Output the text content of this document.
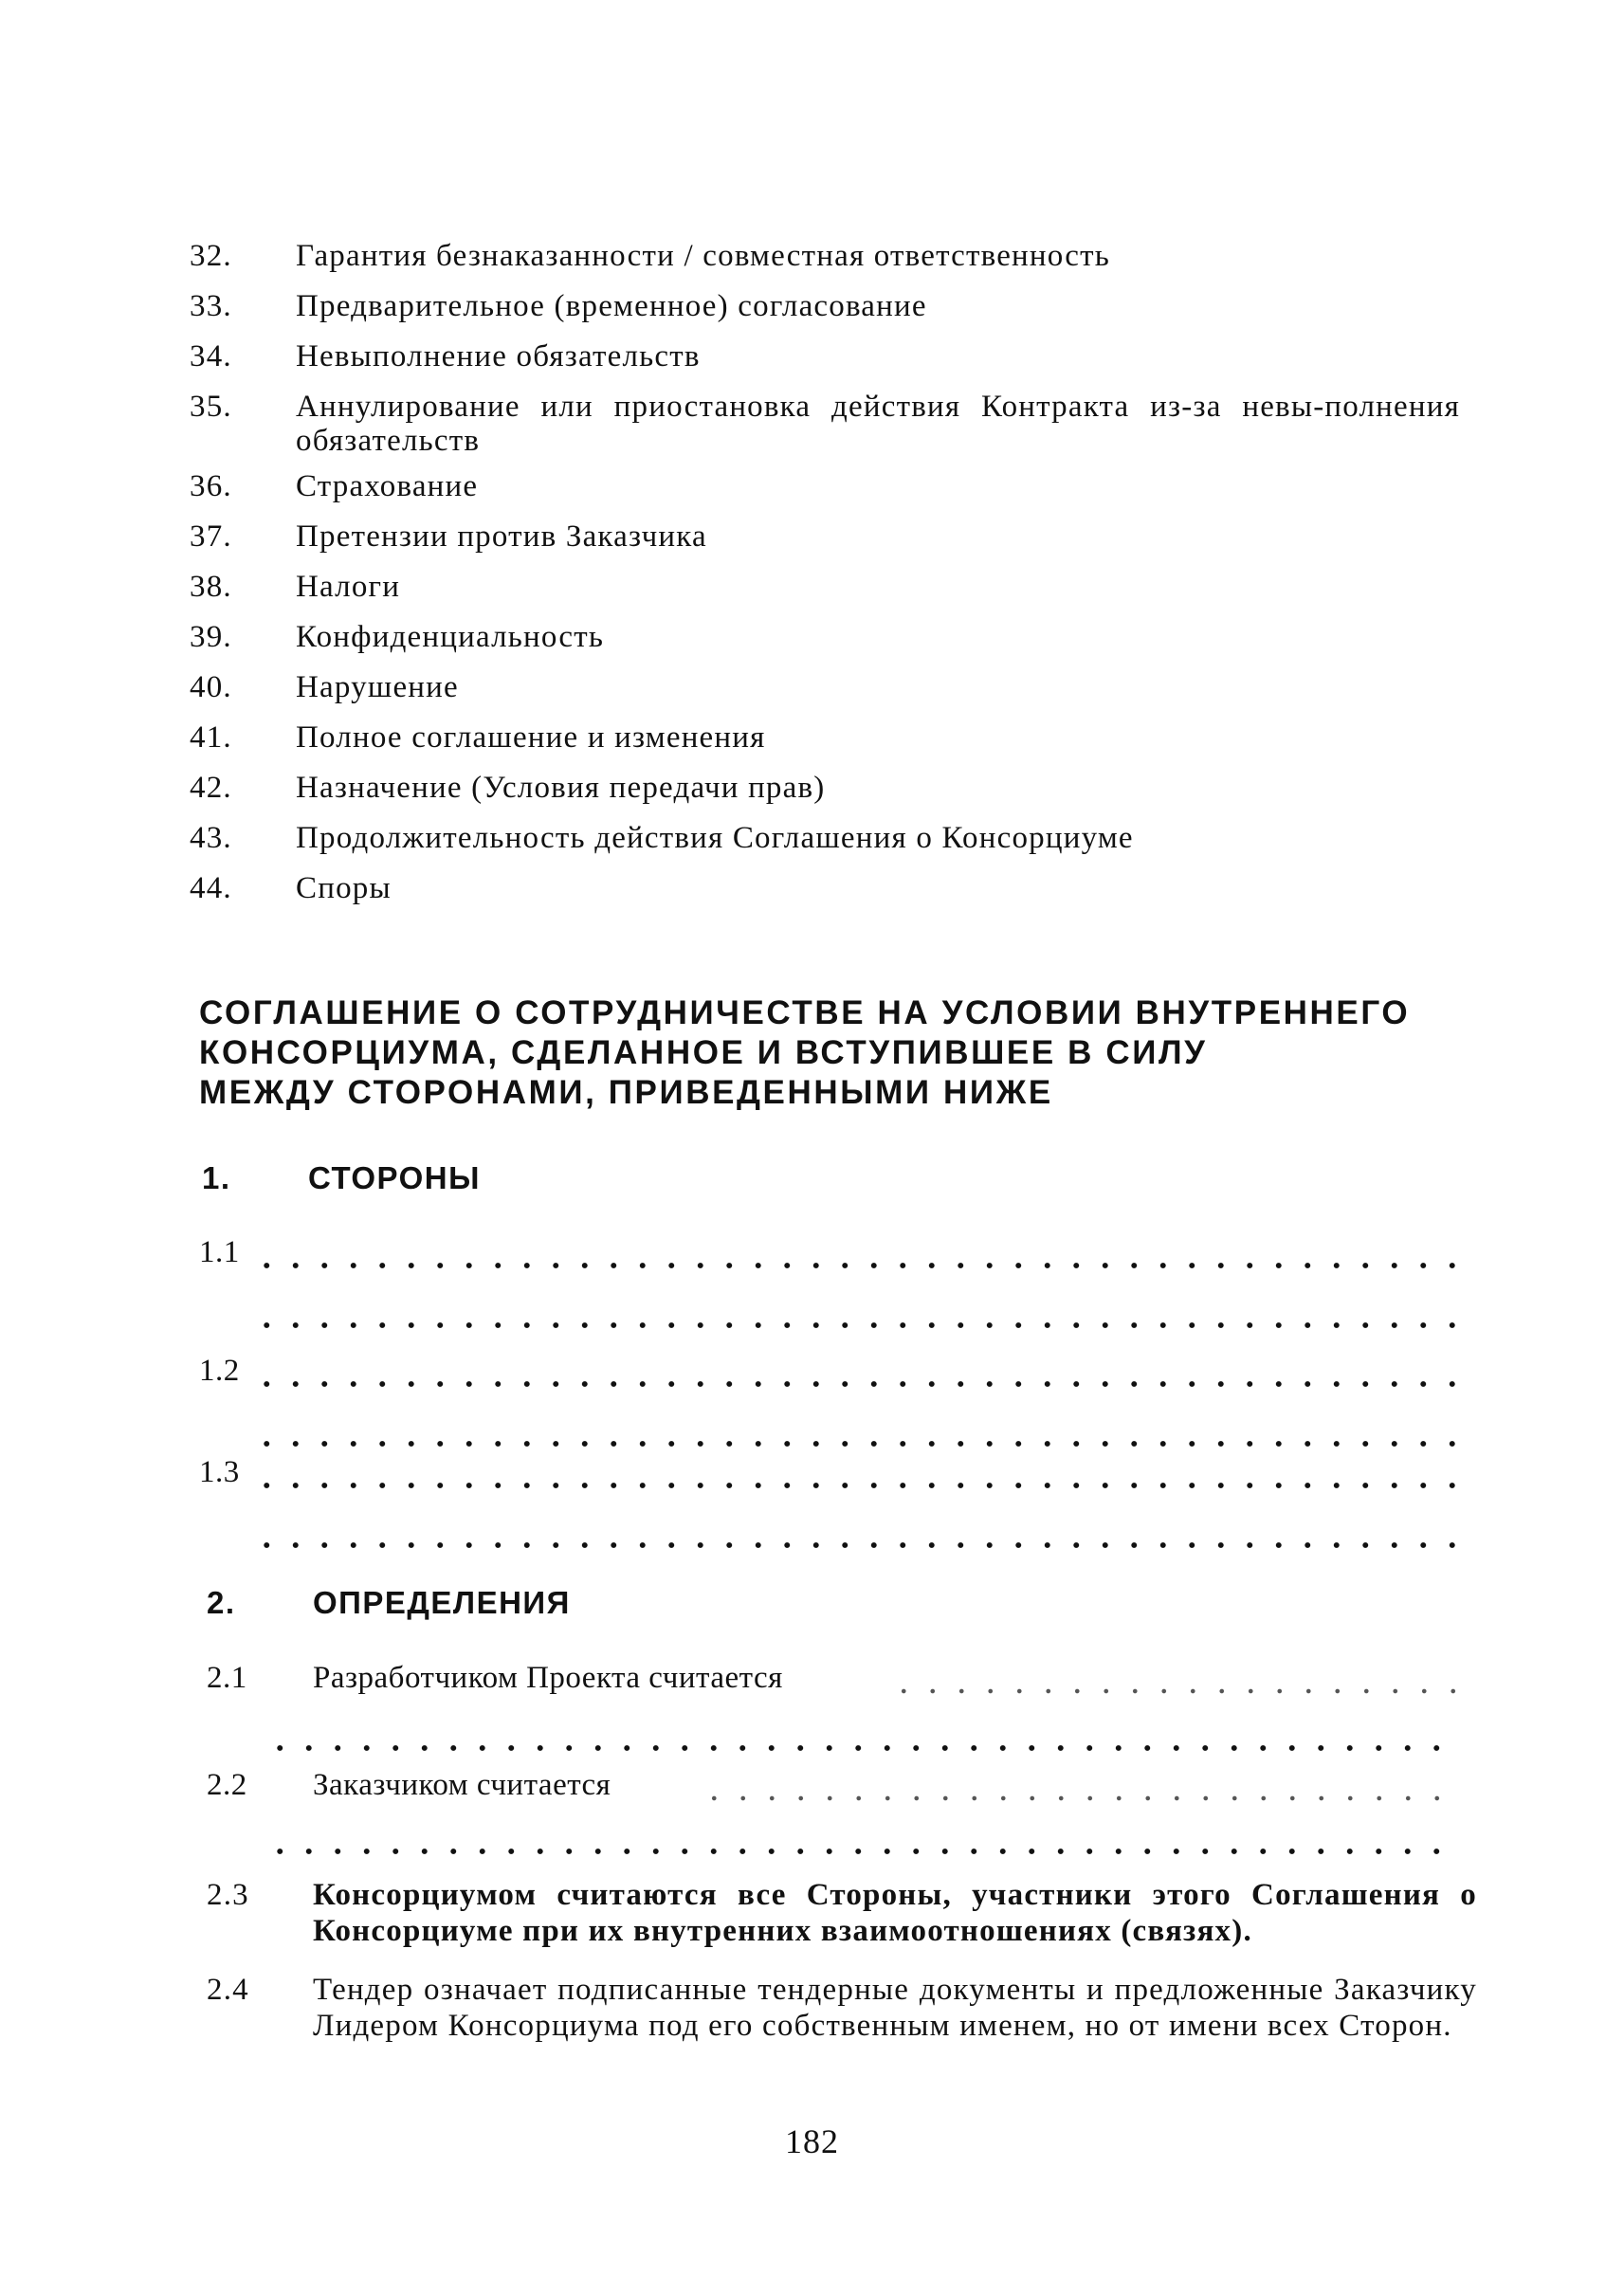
32.	Гарантия безнаказанности / совместная ответственность
33.	Предварительное (временное) согласование
34.	Невыполнение обязательств
35.	Аннулирование или приостановка действия Контракта из-за невы-полнения обязательств
36.	Страхование
37.	Претензии против Заказчика
38.	Налоги
39.	Конфиденциальность
40.	Нарушение
41.	Полное соглашение и изменения
42.	Назначение (Условия передачи прав)
43.	Продолжительность действия Соглашения о Консорциуме
44.	Споры
СОГЛАШЕНИЕ О СОТРУДНИЧЕСТВЕ НА УСЛОВИИ ВНУТРЕННЕГО
КОНСОРЦИУМА, СДЕЛАННОЕ И ВСТУПИВШЕЕ В СИЛУ
МЕЖДУ СТОРОНАМИ, ПРИВЕДЕННЫМИ НИЖЕ
1.	СТОРОНЫ
1.1
1.2
1.3
2.	ОПРЕДЕЛЕНИЯ
2.1 Разработчиком Проекта считается
2.2 Заказчиком считается
2.3	Консорциумом считаются все Стороны, участники этого Соглашения о Консорциуме при их внутренних взаимоотношениях (связях).
2.4	Тендер означает подписанные тендерные документы и предложенные Заказчику Лидером Консорциума под его собственным именем, но от имени всех Сторон.
182
